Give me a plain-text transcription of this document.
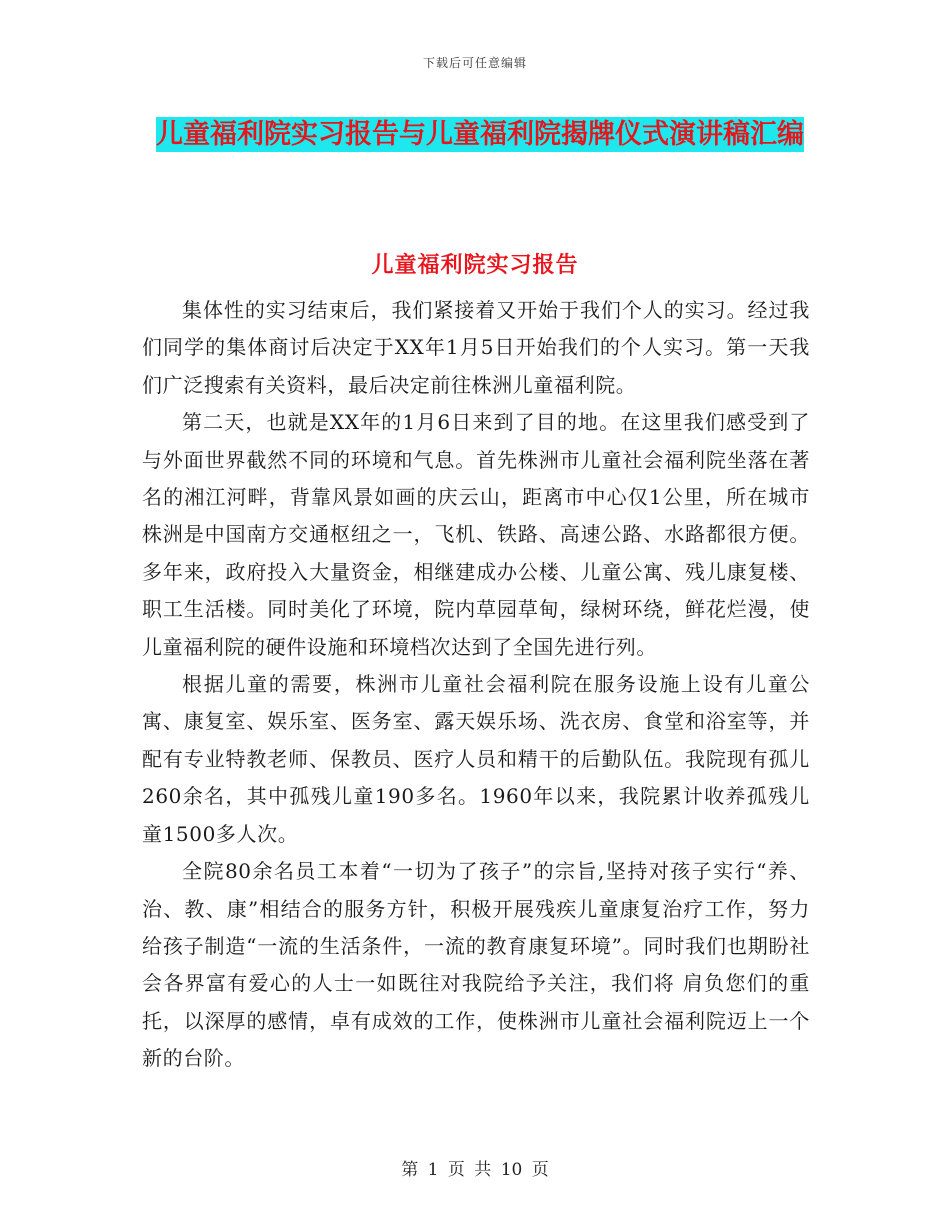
下载后可任意编辑
儿童福利院实习报告与儿童福利院揭牌仪式演讲稿汇编
儿童福利院实习报告

集体性的实习结束后，我们紧接着又开始于我们个人的实习。经过我们同学的集体商讨后决定于XX年1月5日开始我们的个人实习。第一天我们广泛搜索有关资料，最后决定前往株洲儿童福利院。

第二天，也就是XX年的1月6日来到了目的地。在这里我们感受到了与外面世界截然不同的环境和气息。首先株洲市儿童社会福利院坐落在著名的湘江河畔，背靠风景如画的庆云山，距离市中心仅1公里，所在城市株洲是中国南方交通枢纽之一，飞机、铁路、高速公路、水路都很方便。多年来，政府投入大量资金，相继建成办公楼、儿童公寓、残儿康复楼、职工生活楼。同时美化了环境，院内草园草甸，绿树环绕，鲜花烂漫，使儿童福利院的硬件设施和环境档次达到了全国先进行列。

根据儿童的需要，株洲市儿童社会福利院在服务设施上设有儿童公寓、康复室、娱乐室、医务室、露天娱乐场、洗衣房、食堂和浴室等，并配有专业特教老师、保教员、医疗人员和精干的后勤队伍。我院现有孤儿260余名，其中孤残儿童190多名。1960年以来，我院累计收养孤残儿童1500多人次。

全院80余名员工本着“一切为了孩子”的宗旨,坚持对孩子实行“养、治、教、康”相结合的服务方针，积极开展残疾儿童康复治疗工作，努力给孩子制造“一流的生活条件，一流的教育康复环境”。同时我们也期盼社会各界富有爱心的人士一如既往对我院给予关注，我们将 肩负您们的重托，以深厚的感情，卓有成效的工作，使株洲市儿童社会福利院迈上一个新的台阶。

第 1 页 共 10 页
